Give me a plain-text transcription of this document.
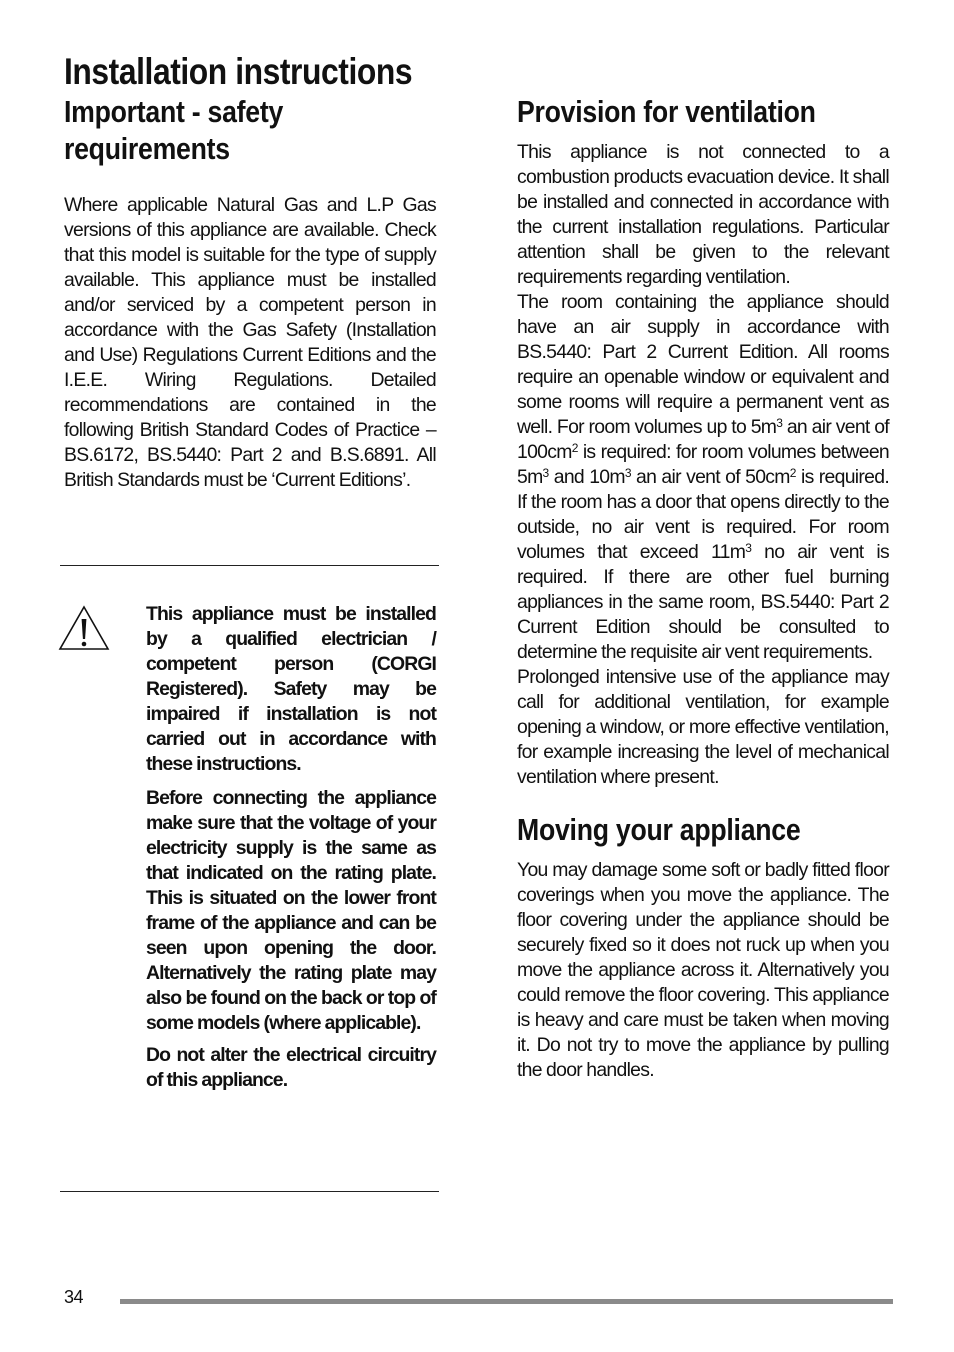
Installation instructions
Important - safety
requirements

Where applicable Natural Gas and L.P Gas versions of this appliance are available. Check that this model is suitable for the type of supply available. This appliance must be installed and/or serviced by a competent person in accordance with the Gas Safety (Installation and Use) Regulations Current Editions and the I.E.E. Wiring Regulations. Detailed recommendations are contained in the following British Standard Codes of Practice – BS.6172, BS.5440: Part 2 and B.S.6891. All British Standards must be ‘Current Editions’.

This appliance must be installed by a qualified electrician / competent person (CORGI Registered). Safety may be impaired if installation is not carried out in accordance with these instructions.

Before connecting the appliance make sure that the voltage of your electricity supply is the same as that indicated on the rating plate. This is situated on the lower front frame of the appliance and can be seen upon opening the door. Alternatively the rating plate may also be found on the back or top of some models (where applicable).

Do not alter the electrical circuitry of this appliance.

Provision for ventilation

This appliance is not connected to a combustion products evacuation device. It shall be installed and connected in accordance with the current installation regulations. Particular attention shall be given to the relevant requirements regarding ventilation.

The room containing the appliance should have an air supply in accordance with BS.5440: Part 2 Current Edition. All rooms require an openable window or equivalent and some rooms will require a permanent vent as well. For room volumes up to $5m^3$ an air vent of $100cm^2$ is required: for room volumes between $5m^3$ and $10m^3$ an air vent of $50cm^2$ is required. If the room has a door that opens directly to the outside, no air vent is required. For room volumes that exceed $11m^3$ no air vent is required. If there are other fuel burning appliances in the same room, BS.5440: Part 2 Current Edition should be consulted to determine the requisite air vent requirements.

Prolonged intensive use of the appliance may call for additional ventilation, for example opening a window, or more effective ventilation, for example increasing the level of mechanical ventilation where present.

Moving your appliance

You may damage some soft or badly fitted floor coverings when you move the appliance. The floor covering under the appliance should be securely fixed so it does not ruck up when you move the appliance across it. Alternatively you could remove the floor covering. This appliance is heavy and care must be taken when moving it. Do not try to move the appliance by pulling the door handles.

34
